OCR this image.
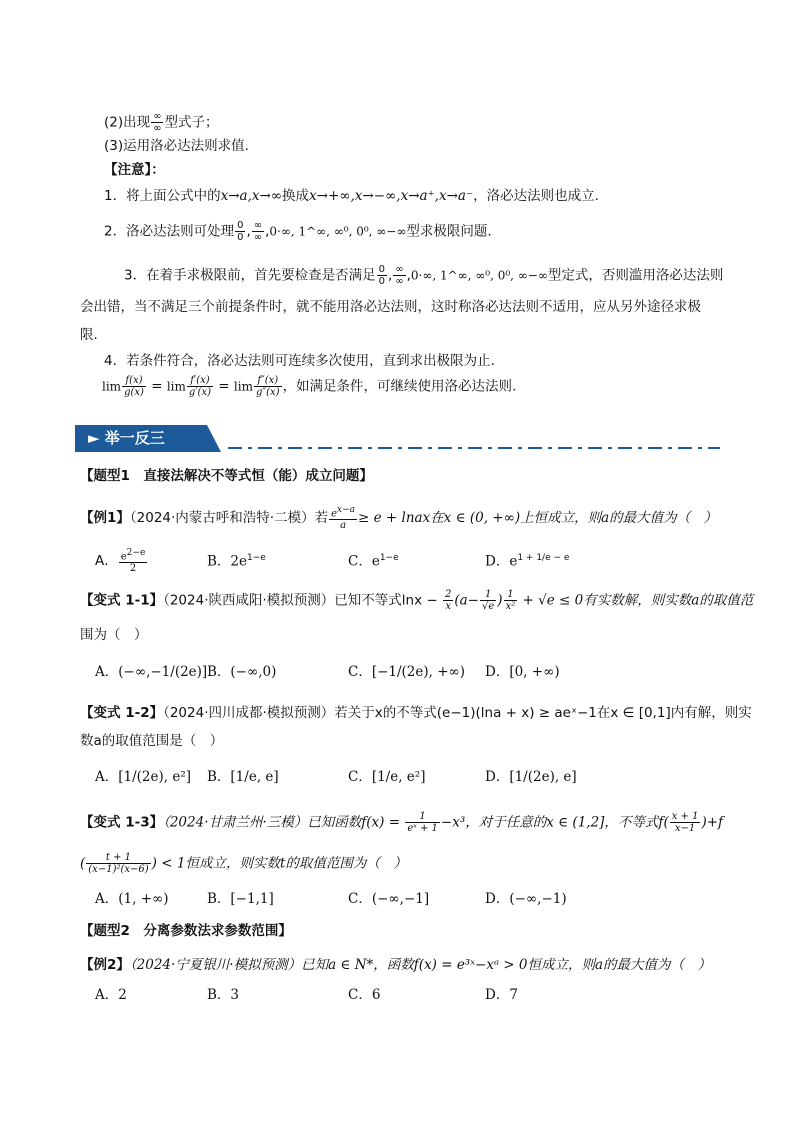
(2)出现 $\frac{\infty}{\infty}$ 型式子；
(3)运用洛必达法则求值.
【注意】：
1．将上面公式中的x→a,x→∞换成x→+∞,x→−∞,x→a⁺,x→a⁻，洛必达法则也成立.
2．洛必达法则可处理 $\frac{0}{0}$ , $\frac{\infty}{\infty} ,0\cdot\infty$, 1^∞, ∞⁰, 0⁰, ∞−∞型求极限问题.
3．在着手求极限前，首先要检查是否满足 $\frac{0}{0}$ , $\frac{\infty}{\infty} ,0\cdot\infty$, 1^∞, ∞⁰, 0⁰, ∞−∞型定式，否则滥用洛必达法则
会出错，当不满足三个前提条件时，就不能用洛必达法则，这时称洛必达法则不适用，应从另外途径求极
限.
4．若条件符合，洛必达法则可连续多次使用，直到求出极限为止.
$\lim \frac{f(x)}{g(x)} = \lim \frac{f'(x)}{g'(x)} = \lim \frac{f''(x)}{g''(x)}$ ，如满足条件，可继续使用洛必达法则.
► 举一反三
【题型1　直接法解决不等式恒（能）成立问题】
【例1】（2024·内蒙古呼和浩特·二模）若 $\frac{e^{x-a}}{a} \ge e$ + lnax在x ∈ (0, +∞)上恒成立，则a的最大值为（　）
A． $\frac{e^{2-e}}{2}$	B．$2e^{1-e}$	C．$e^{1-e}$	D．$e^{1 + 1/e - e}$
【变式 1-1】（2024·陕西咸阳·模拟预测）已知不等式$\ln x - \frac{2}{x} (a- \frac{1}{√e}$ ) $\frac{1}{\text{x²}} + √e \le 0$有实数解，则实数a的取值范
围为（　）
A．(−∞,−1/(2e)] B．(−∞,0)	C．[−1/(2e), +∞) D．[0, +∞)
【变式 1-2】（2024·四川成都·模拟预测）若关于x的不等式(e−1)(lna + x) ≥ aeˣ−1在x ∈ [0,1]内有解，则实
数a的取值范围是（　）
A．[1/(2e), e²] B．[1/e, e]	C．[1/e, e²]	D．[1/(2e), e]
【变式 1-3】（2024·甘肃兰州·三模）已知函数$f(x) = \frac{1}{\text{eˣ + 1}} -x^3$，对于任意的x ∈ (1,2]，不等式$f( \frac{x + 1}{x-1} )+f$
( $\frac{t + 1}{\text{(x−1)²(x−6)}}$ ) < 1恒成立，则实数t的取值范围为（　）
A．(1, +∞)	B．[−1,1]	C．(−∞,−1]	D．(−∞,−1)
【题型2　分离参数法求参数范围】
【例2】（2024·宁夏银川·模拟预测）已知a ∈ N*，函数f(x) = e³ˣ−xᵃ > 0恒成立，则a的最大值为（　）
A．2	B．3	C．6	D．7
